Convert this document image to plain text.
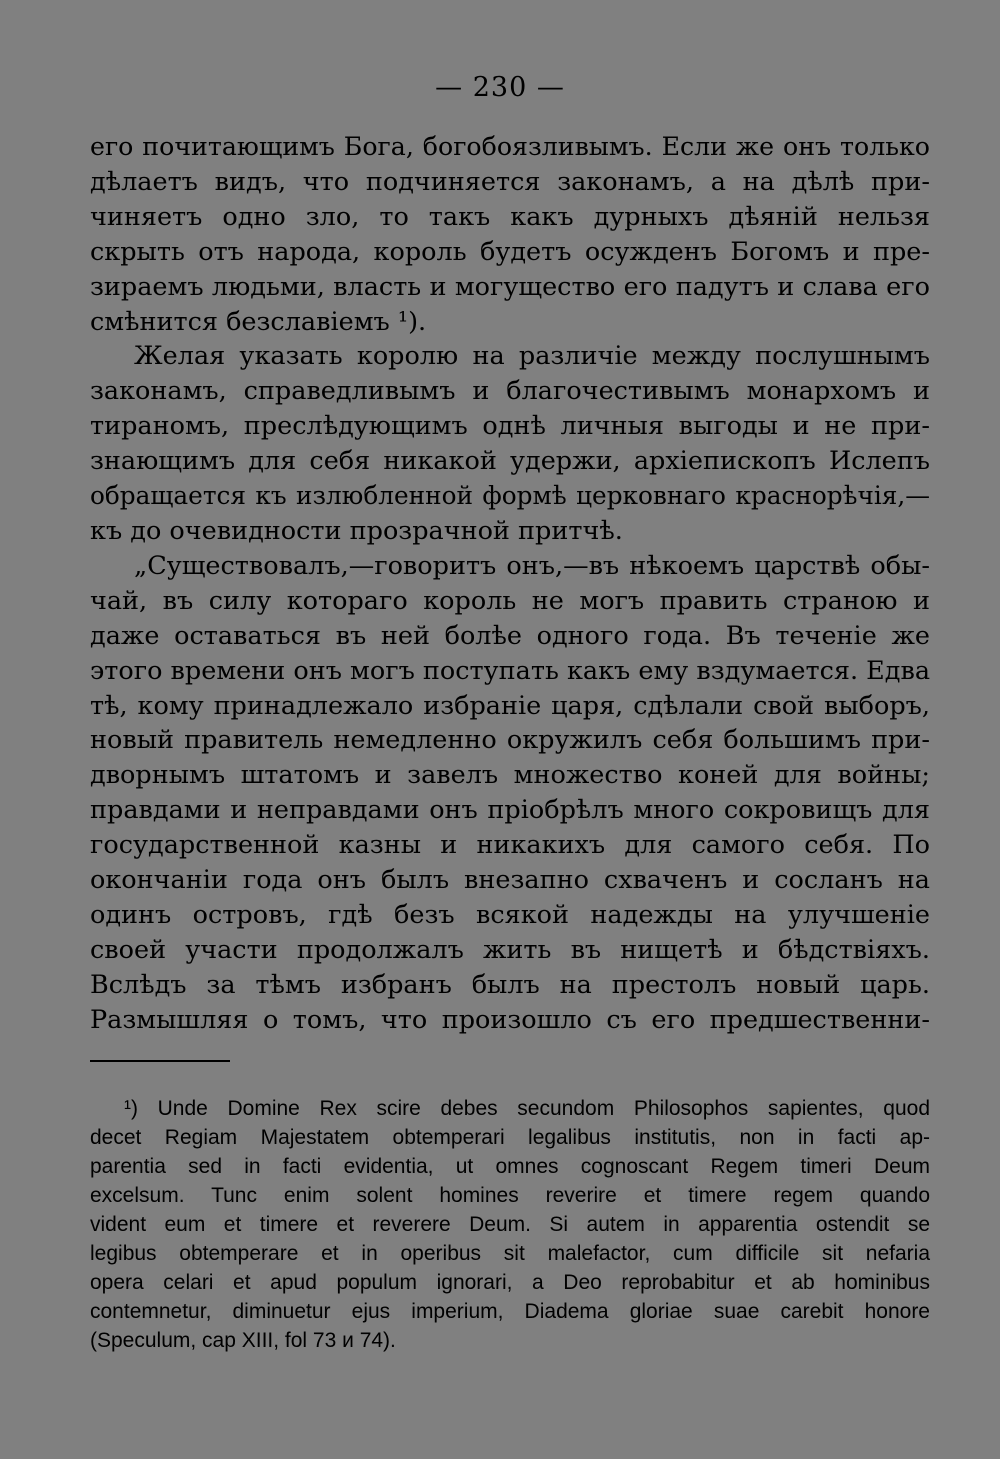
— 230 —

его почитающимъ Бога, богобоязливымъ. Если же онъ только
дѣлаетъ видъ, что подчиняется законамъ, а на дѣлѣ при-
чиняетъ одно зло, то такъ какъ дурныхъ дѣяній нельзя
скрыть отъ народа, король будетъ осужденъ Богомъ и пре-
зираемъ людьми, власть и могущество его падутъ и слава его
смѣнится безславіемъ ¹).

Желая указать королю на различіе между послушнымъ
законамъ, справедливымъ и благочестивымъ монархомъ и
тираномъ, преслѣдующимъ однѣ личныя выгоды и не при-
знающимъ для себя никакой удержи, архіепископъ Ислепъ
обращается къ излюбленной формѣ церковнаго краснорѣчія,—
къ до очевидности прозрачной притчѣ.

„Существовалъ,—говоритъ онъ,—въ нѣкоемъ царствѣ обы-
чай, въ силу котораго король не могъ править страною и
даже оставаться въ ней болѣе одного года. Въ теченіе же
этого времени онъ могъ поступать какъ ему вздумается. Едва
тѣ, кому принадлежало избраніе царя, сдѣлали свой выборъ,
новый правитель немедленно окружилъ себя большимъ при-
дворнымъ штатомъ и завелъ множество коней для войны;
правдами и неправдами онъ пріобрѣлъ много сокровищъ для
государственной казны и никакихъ для самого себя. По
окончаніи года онъ былъ внезапно схваченъ и сосланъ на
одинъ островъ, гдѣ безъ всякой надежды на улучшеніе
своей участи продолжалъ жить въ нищетѣ и бѣдствіяхъ.
Вслѣдъ за тѣмъ избранъ былъ на престолъ новый царь.
Размышляя о томъ, что произошло съ его предшественни-

¹) Unde Domine Rex scire debes secundom Philosophos sapientes, quod
decet Regiam Majestatem obtemperari legalibus institutis, non in facti ap-
parentia sed in facti evidentia, ut omnes cognoscant Regem timeri Deum
excelsum. Tunc enim solent homines reverire et timere regem quando
vident eum et timere et reverere Deum. Si autem in apparentia ostendit se
legibus obtemperare et in operibus sit malefactor, cum difficile sit nefaria
opera celari et apud populum ignorari, a Deo reprobabitur et ab hominibus
contemnetur, diminuetur ejus imperium, Diadema gloriae suae carebit honore
(Speculum, cap XIII, fol 73 и 74).
